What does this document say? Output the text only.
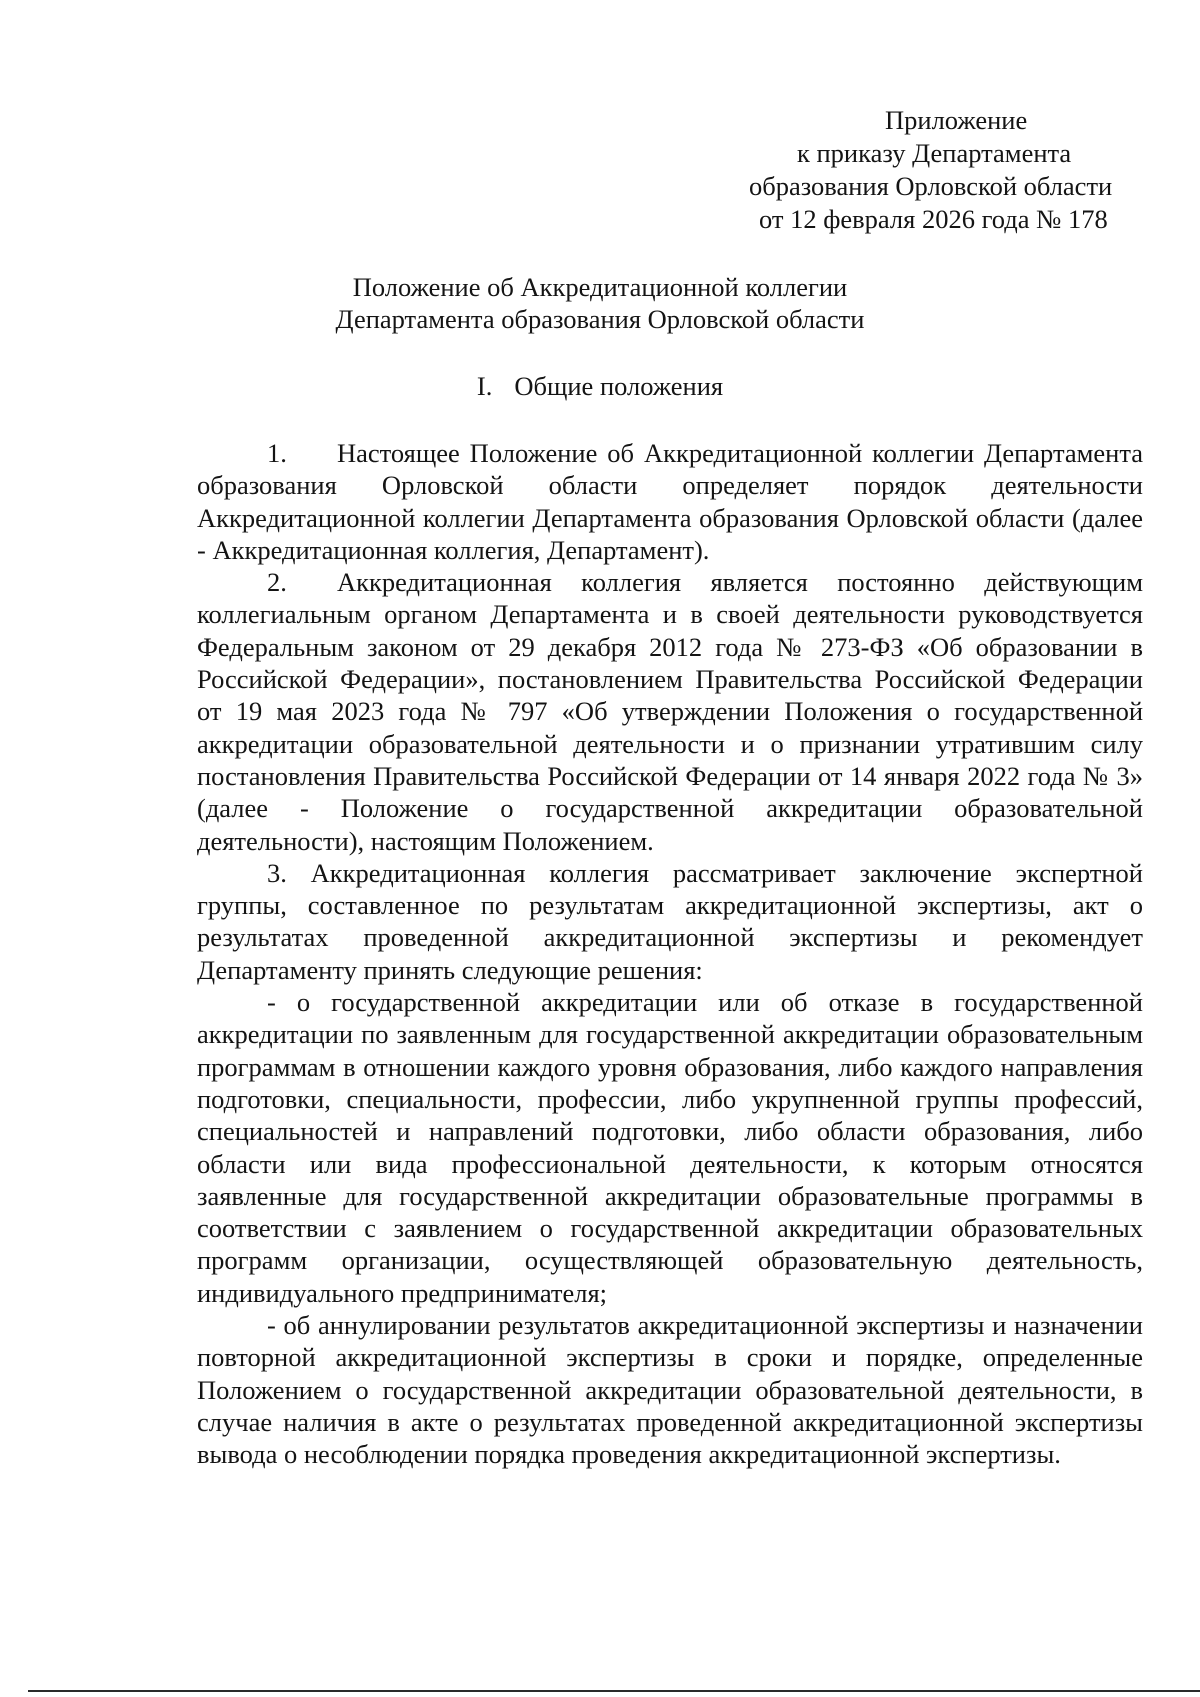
Приложение
к приказу Департамента
образования Орловской области
от 12 февраля 2026 года № 178
Положение об Аккредитационной коллегии
Департамента образования Орловской области
I. Общие положения

1. Настоящее Положение об Аккредитационной коллегии Департамента образования Орловской области определяет порядок деятельности Аккредитационной коллегии Департамента образования Орловской области (далее - Аккредитационная коллегия, Департамент).

2. Аккредитационная коллегия является постоянно действующим коллегиальным органом Департамента и в своей деятельности руководствуется Федеральным законом от 29 декабря 2012 года № 273-ФЗ «Об образовании в Российской Федерации», постановлением Правительства Российской Федерации от 19 мая 2023 года № 797 «Об утверждении Положения о государственной аккредитации образовательной деятельности и о признании утратившим силу постановления Правительства Российской Федерации от 14 января 2022 года № 3» (далее - Положение о государственной аккредитации образовательной деятельности), настоящим Положением.

3. Аккредитационная коллегия рассматривает заключение экспертной группы, составленное по результатам аккредитационной экспертизы, акт о результатах проведенной аккредитационной экспертизы и рекомендует Департаменту принять следующие решения:

- о государственной аккредитации или об отказе в государственной аккредитации по заявленным для государственной аккредитации образовательным программам в отношении каждого уровня образования, либо каждого направления подготовки, специальности, профессии, либо укрупненной группы профессий, специальностей и направлений подготовки, либо области образования, либо области или вида профессиональной деятельности, к которым относятся заявленные для государственной аккредитации образовательные программы в соответствии с заявлением о государственной аккредитации образовательных программ организации, осуществляющей образовательную деятельность, индивидуального предпринимателя;

- об аннулировании результатов аккредитационной экспертизы и назначении повторной аккредитационной экспертизы в сроки и порядке, определенные Положением о государственной аккредитации образовательной деятельности, в случае наличия в акте о результатах проведенной аккредитационной экспертизы вывода о несоблюдении порядка проведения аккредитационной экспертизы.
